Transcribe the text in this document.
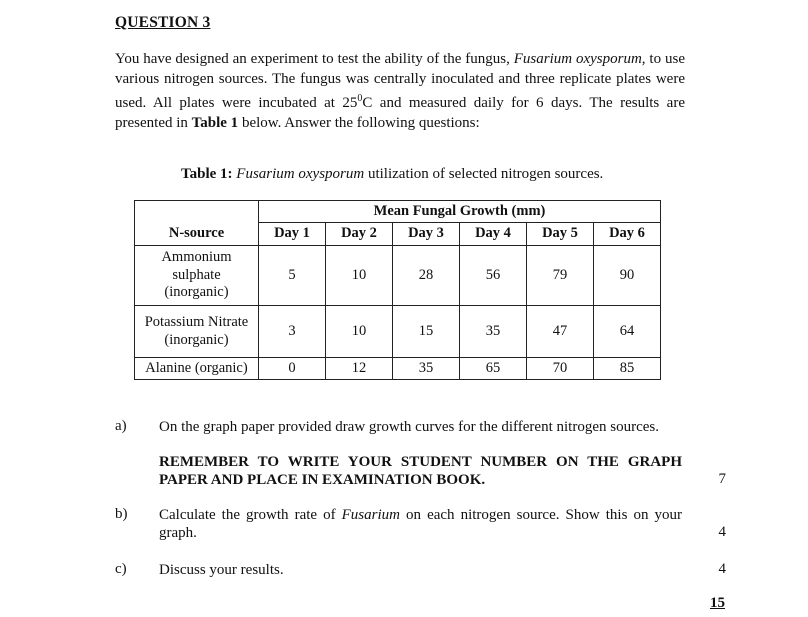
QUESTION 3
You have designed an experiment to test the ability of the fungus, Fusarium oxysporum, to use various nitrogen sources. The fungus was centrally inoculated and three replicate plates were used. All plates were incubated at $25^0C$ and measured daily for 6 days. The results are presented in Table 1 below. Answer the following questions:
Table 1: Fusarium oxysporum utilization of selected nitrogen sources.
	Mean Fungal Growth (mm)					
N-source	Day 1	Day 2	Day 3	Day 4	Day 5	Day 6

Ammonium
sulphate
(inorganic)	5	10	28	56	79	90

Potassium Nitrate
(inorganic)	3	10	15	35	47	64

Alanine (organic)	0	12	35	65	70	85
a) On the graph paper provided draw growth curves for the different nitrogen sources.
REMEMBER TO WRITE YOUR STUDENT NUMBER ON THE GRAPH PAPER AND PLACE IN EXAMINATION BOOK.	7
b) Calculate the growth rate of Fusarium on each nitrogen source. Show this on your graph.	4
c) Discuss your results.	4
15
